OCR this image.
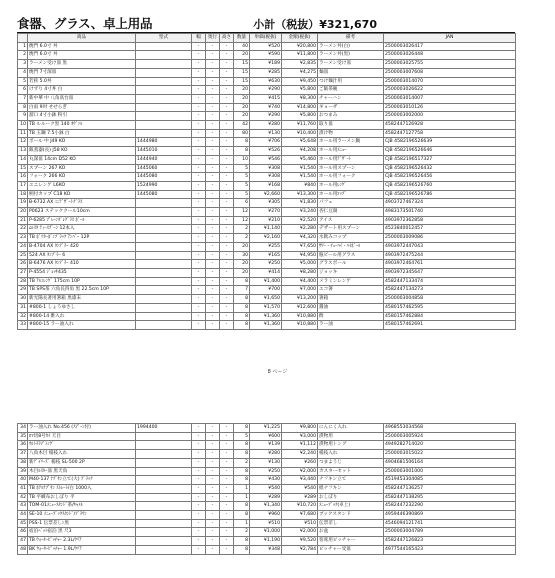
食器、グラス、卓上用品	小計（税抜）¥321,670
	商品	型式	幅	奥行	高さ	数量	単価(税抜)	金額(税抜)	備考	JAN
1	焼門 6.0寸 丼		-	-	-	40	¥520	¥20,800	ラーメン丼(白)	2500003026417
2	焼門 6.0寸 丼		-	-	-	20	¥590	¥11,800	ラーメン丼(黒)	2500003026448
3	ラーメン受け皿 黒		-	-	-	15	¥189	¥2,835	ラーメン受け皿	2500003025755
4	焼門 7寸深皿		-	-	-	15	¥285	¥4,275	麺皿	2500003007608
5	若狭 5.0丼		-	-	-	15	¥630	¥9,450	つけ麺汁用	2500003014070
6	けずり 4寸丼 白		-	-	-	20	¥290	¥5,800	ご飯茶碗	2500003026622
7	新中華 中 八角高台皿		-	-	-	20	¥415	¥8,300	チャーハン	2500003014007
8	白雨 9吋 せせらぎ		-	-	-	20	¥740	¥14,800	ギョーザ	2500003010126
9	溜口 4寸小鉢 粉引		-	-	-	20	¥290	¥5,800	おつまみ	2500003002000
10	TB ルルーク黒 140 ｵｳﾞｧﾙ		-	-	-	42	¥280	¥11,760	取り皿	4582447126928
11	TB 玉鋼 7.5小鉢 白		-	-	-	80	¥130	¥10,400	漬け物	4582447127758
12	ボール 中 J49 KO	1444980	-	-	-	8	¥706	¥5,648	ホール用ラーメン鍋	CJB 4582196526639
13	飯蒸器(長) J58 KO	1445010	-	-	-	8	¥526	¥4,208	ホール用ﾒﾆｭｰ	CJB 4582196526646
14	丸深皿 14cm D52 KO	1444940	-	-	-	10	¥546	¥5,460	ホール用ﾃﾞｻﾞｰﾄ	CJB 4582196517327
15	スプーン 267 KO	1445060	-	-	-	5	¥308	¥1,540	ホール用スプーン	CJB 4582196526432
16	フォーク 266 KO	1445080	-	-	-	5	¥308	¥1,540	ホール用フォーク	CJB 4582196526456
17	ユニレンゲ L6KO	1524990	-	-	-	5	¥168	¥840	ホール用ﾚﾝｹﾞ	CJB 4582196526760
18	柄付カップ C18 KO	1445080	-	-	-	5	¥2,660	¥13,300	ホール用ｺｯﾌﾟ	CJB 4582196526786
19	B-6732 AX ﾐﾆﾃﾞｻﾞｰﾄｸﾞﾗｽ		-	-	-	6	¥305	¥1,830	パフェ	4903727467324
20	P0623 ステッククール10cm		-	-	-	12	¥270	¥3,240	杏仁豆腐	4983173501740
21	P-6285 ﾌﾟﾚｰﾝﾀﾞﾚｸﾞﾗｽ ﾎﾞｰﾙ		-	-	-	12	¥210	¥2,520	アイス	4903972362858
22	ﾑﾙｽﾀ ﾃｨｰｽﾌﾟｰﾝ 12本入		-	-	-	2	¥1,140	¥2,280	デザート用スプーン	4523840012457
23	TB ﾎﾞﾘｶｰﾎﾞﾝﾌﾞﾗｯｸ ｱﾝﾊﾞｰ 12P		-	-	-	2	¥2,160	¥4,320	水飲みコップ	2500003009086
24	B-4704 AX ﾀﾝﾌﾞﾗｰ 420		-	-	-	20	¥255	¥7,650	ｻﾜｰ・ﾁｭｰﾊｲ・ﾊｲﾎﾞｰﾙ	4903972447043
25	524 AX ﾀﾝﾌﾞﾗｰ 6		-	-	-	30	¥165	¥4,950	瓶ビール用グラス	4903972475244
26	B-6476 AX ﾀﾝﾌﾞﾗｰ 410		-	-	-	20	¥250	¥5,000	グラスボール	4903972464761
27	P-4554 ｼﾞｮｯｷ435		-	-	-	20	¥414	¥8,280	ジョッキ	4903972345647
28	TB ｱﾙﾐﾚﾝｹﾞ 175cm 10P		-	-	-	8	¥1,400	¥4,400	メラミンレンゲ	4582447133474
29	TB SPS茶 六角長四角 黒 22.5cm 10P		-	-	-	7	¥700	¥7,000	エコ箸	4582447134273
30	新光陽長著用箸箱 黒漆末		-	-	-	8	¥1,650	¥13,200	箸箱	2500003004858
31	#800-1 しょうゆさし		-	-	-	8	¥1,570	¥12,600	醤油	4580157462595
32	#800-14 酢入れ		-	-	-	8	¥1,360	¥10,880	酢	4580157462884
33	#800-15 ラー油入れ		-	-	-	8	¥1,360	¥10,880	ラー油	4580157462691
8 ページ
34	ラー油入れ No.456 (ｽﾌﾟｰﾝ付)	1994400	-	-	-	8	¥1,225	¥9,800	にんにく入れ	4968553034568
35	ﾛﾏ切8号ｶｲ 天目		-	-	-	5	¥600	¥3,000	漬物用	2500003005924
36	ｳﾙﾄﾗﾗﾌﾞﾄﾝｸﾞ		-	-	-	8	¥139	¥1,112	漬物用トング	4949282714020
37	八角木目 楊枝入れ		-	-	-	8	¥280	¥2,240	楊枝入れ	2500003015022
38	新ﾃﾞｲﾘｰｽﾞ 楊枝 SL-500 2P		-	-	-	2	¥130	¥260	つまようじ	4904681506164
39	木目ﾙｽﾀｰ皿 黒天角		-	-	-	8	¥250	¥2,000	カスターセット	2500003001000
40	M40-137 ﾅﾌﾟｷﾝ立て(大) ﾌﾞﾗｯｸ		-	-	-	8	¥430	¥3,440	ナフキン立て	4519453304085
41	TB ﾎﾃﾙﾅﾌﾟｷﾝ ｽﾄﾚｰﾄ/白 1000入		-	-	-	1	¥540	¥540	紙ナフキン	4582447136257
42	TB 平織布おしぼり 平		-	-	-	1	¥289	¥289	おしぼり	4582447138295
43	TOM-01ﾒﾆｭｰｽﾀﾝﾄﾞ茶/ｷｬﾒﾙ		-	-	-	8	¥1,340	¥10,720	ﾒﾆｭｰﾌﾞｯｸ(卓上)	4582447232290
44	SE-10 ﾒﾆｭｰﾌﾞｯｸｽﾀﾝﾄﾞ/ﾌﾞﾗｳﾝ		-	-	-	8	¥960	¥7,680	ブックスタンド	4959446390869
45	PSS-1 伝票差しﾝ黒		-	-	-	1	¥510	¥510	伝票差し	4546094121741
46	宿泊ﾍﾞｯﾄ宿泊 黒 尺3		-	-	-	2	¥1,000	¥2,000	お盆	2500003004789
47	TB ｳｫｰﾀｰﾋﾟｯﾁｬｰ 2.3L/ｸﾘｱ		-	-	-	8	¥1,190	¥9,520	客席用ピッチャー	4582447126823
48	BK ｳｫｰﾀｰﾋﾟｯﾁｬｰ 1.9L/ｸﾘｱ		-	-	-	8	¥348	¥2,784	ピッチャー受皿	4977544165423
